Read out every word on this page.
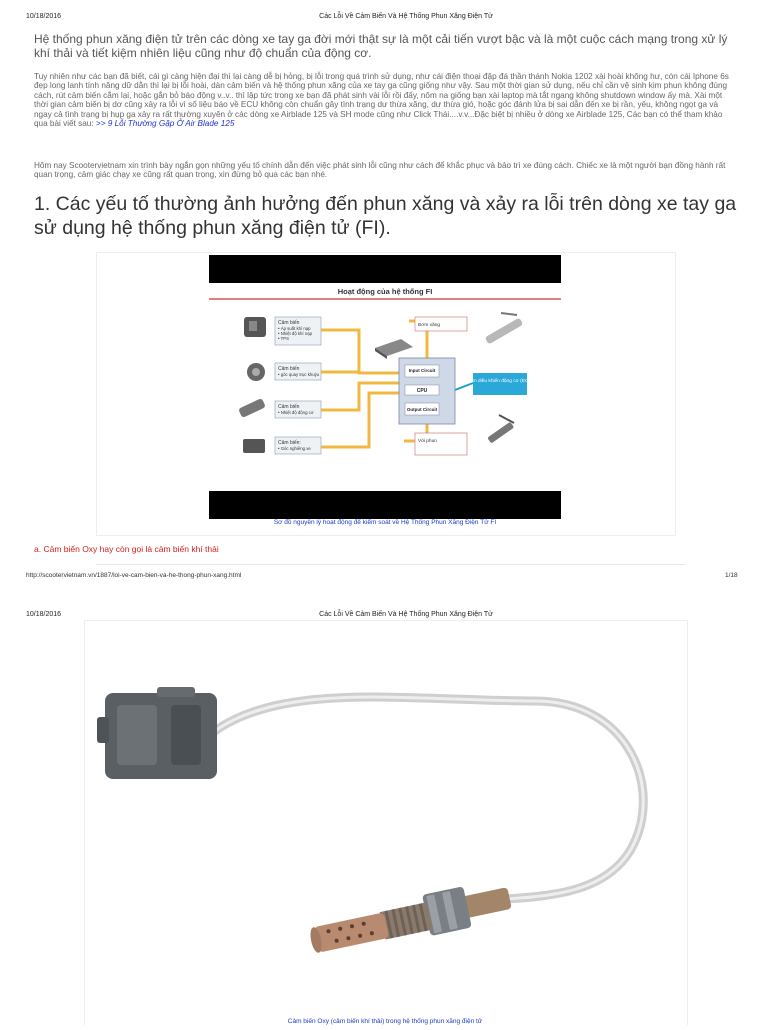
10/18/2016	Các Lỗi Về Cảm Biến Và Hệ Thống Phun Xăng Điện Tử

Hệ thống phun xăng điện tử trên các dòng xe tay ga đời mới thật sự là một cải tiến vượt bậc và là một cuộc cách mạng trong xử lý khí thải và tiết kiệm nhiên liệu cũng như độ chuẩn của động cơ.

Tuy nhiên như các bạn đã biết, cái gì càng hiện đại thì lại càng dễ bị hỏng, bị lỗi trong quá trình sử dụng, như cái điện thoại đập đá thần thánh Nokia 1202 xài hoài không hư, còn cái Iphone 6s đẹp long lanh tính năng dữ dằn thì lại bị lỗi hoài, dàn cảm biến và hệ thống phun xăng của xe tay ga cũng giống như vậy. Sau một thời gian sử dụng, nếu chỉ cần vệ sinh kim phun không đúng cách, rút cảm biến cắm lại, hoặc gắn bỏ báo động v..v.. thì lập tức trong xe bạn đã phát sinh vài lỗi rồi đấy, nôm na giống bạn xài laptop mà tắt ngang không shutdown window ấy mà. Xài một thời gian cảm biến bị dơ cũng xảy ra lỗi vì số liệu báo về ECU không còn chuẩn gây tình trạng dư thừa xăng, dư thừa gió, hoặc góc đánh lửa bị sai dẫn đến xe bị rần, yếu, không ngọt ga và ngay cả tình trạng bị hụp ga xảy ra rất thường xuyên ở các dòng xe Airblade 125 và SH mode cũng như Click Thái....v.v...Đặc biệt bị nhiều ở dòng xe Airblade 125, Các bạn có thể tham khảo qua bài viết sau: >> 9 Lỗi Thường Gặp Ở Air Blade 125

Hôm nay Scootervietnam xin trình bày ngắn gọn những yếu tố chính dẫn đến việc phát sinh lỗi cũng như cách để khắc phục và bảo trì xe đúng cách. Chiếc xe là một người bạn đồng hành rất quan trọng, cảm giác chạy xe cũng rất quan trọng, xin đừng bỏ qua các bạn nhé.

1. Các yếu tố thường ảnh hưởng đến phun xăng và xảy ra lỗi trên dòng xe tay ga sử dụng hệ thống phun xăng điện tử (FI).
Hoạt động của hệ thống FI
Cảm biến
• Áp suất khí nạp
• Nhiệt độ khí nạp
• TPS
Cảm biến
• góc quay trục khuỷu
Cảm biến
• Nhiệt độ động cơ
Cảm biến:
• Góc nghiêng xe
Input Circuit
CPU
Output Circuit
Cụm điều khiển động cơ (ECU)
Bơm xăng
Vòi phun
Sơ đồ nguyên lý hoạt động để kiểm soát về Hệ Thống Phun Xăng Điện Tử FI
a. Cảm biến Oxy hay còn gọi là cảm biến khí thải
http://scootervietnam.vn/1887/loi-ve-cam-bien-va-he-thong-phun-xang.html	1/18
10/18/2016	Các Lỗi Về Cảm Biến Và Hệ Thống Phun Xăng Điện Tử
Cảm biến Oxy (cảm biến khí thải) trong hệ thống phun xăng điện tử
